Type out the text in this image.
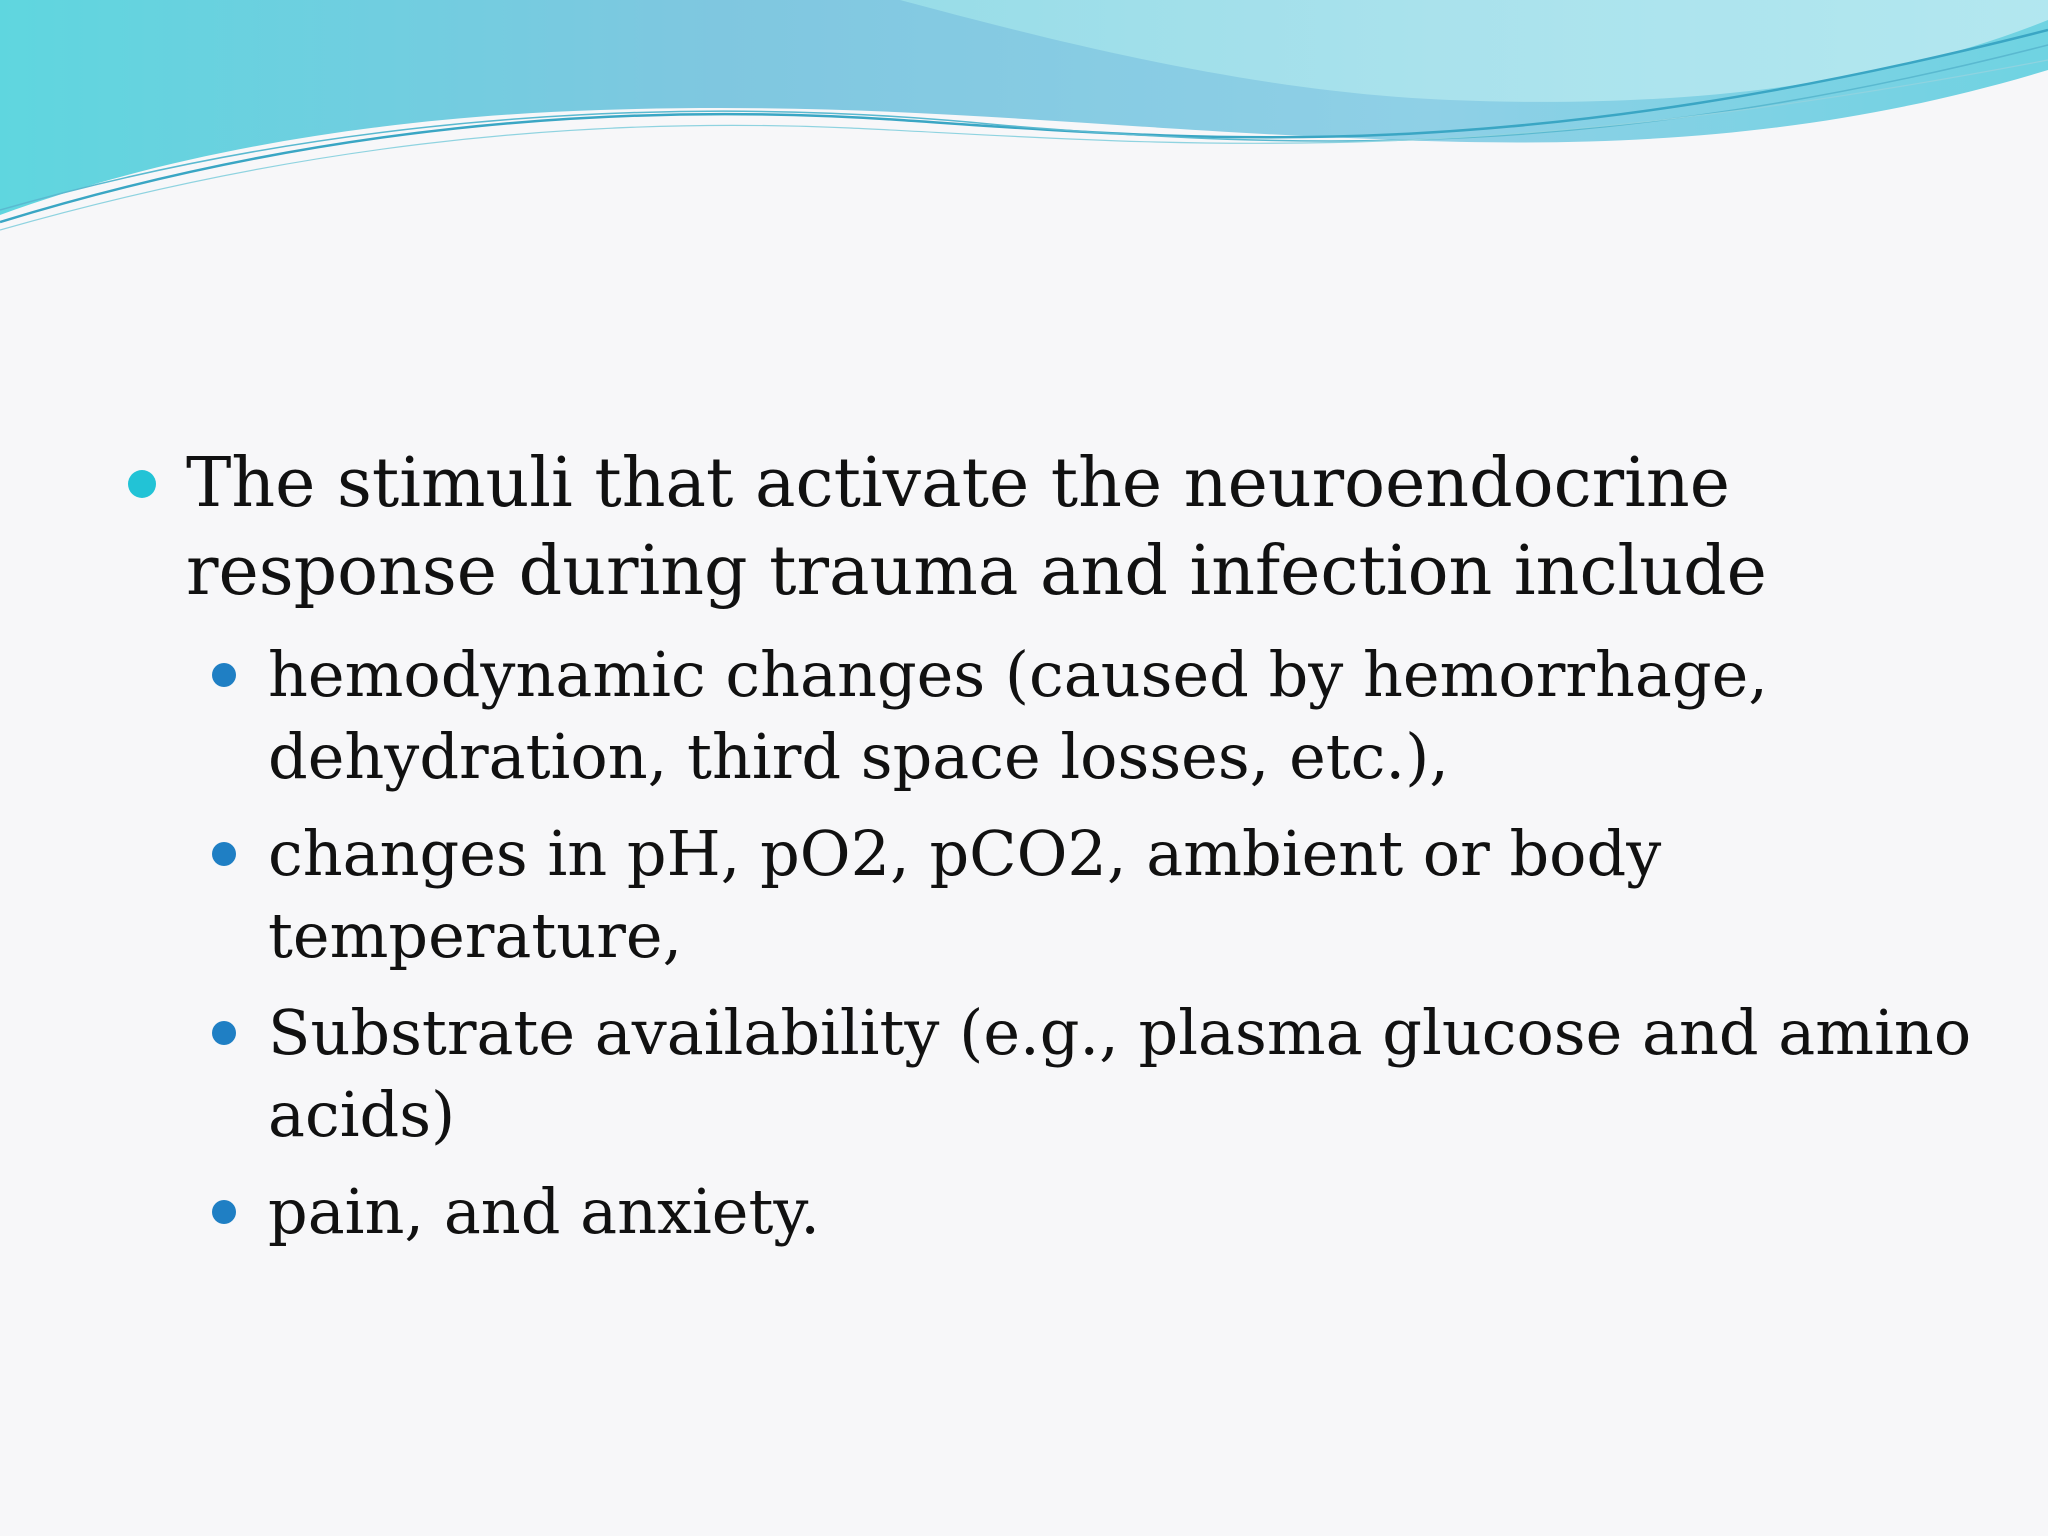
The stimuli that activate the neuroendocrine response during trauma and infection include
hemodynamic changes (caused by hemorrhage, dehydration, third space losses, etc.),
changes in pH, pO2, pCO2, ambient or body temperature,
Substrate availability (e.g., plasma glucose and amino acids)
pain, and anxiety.
